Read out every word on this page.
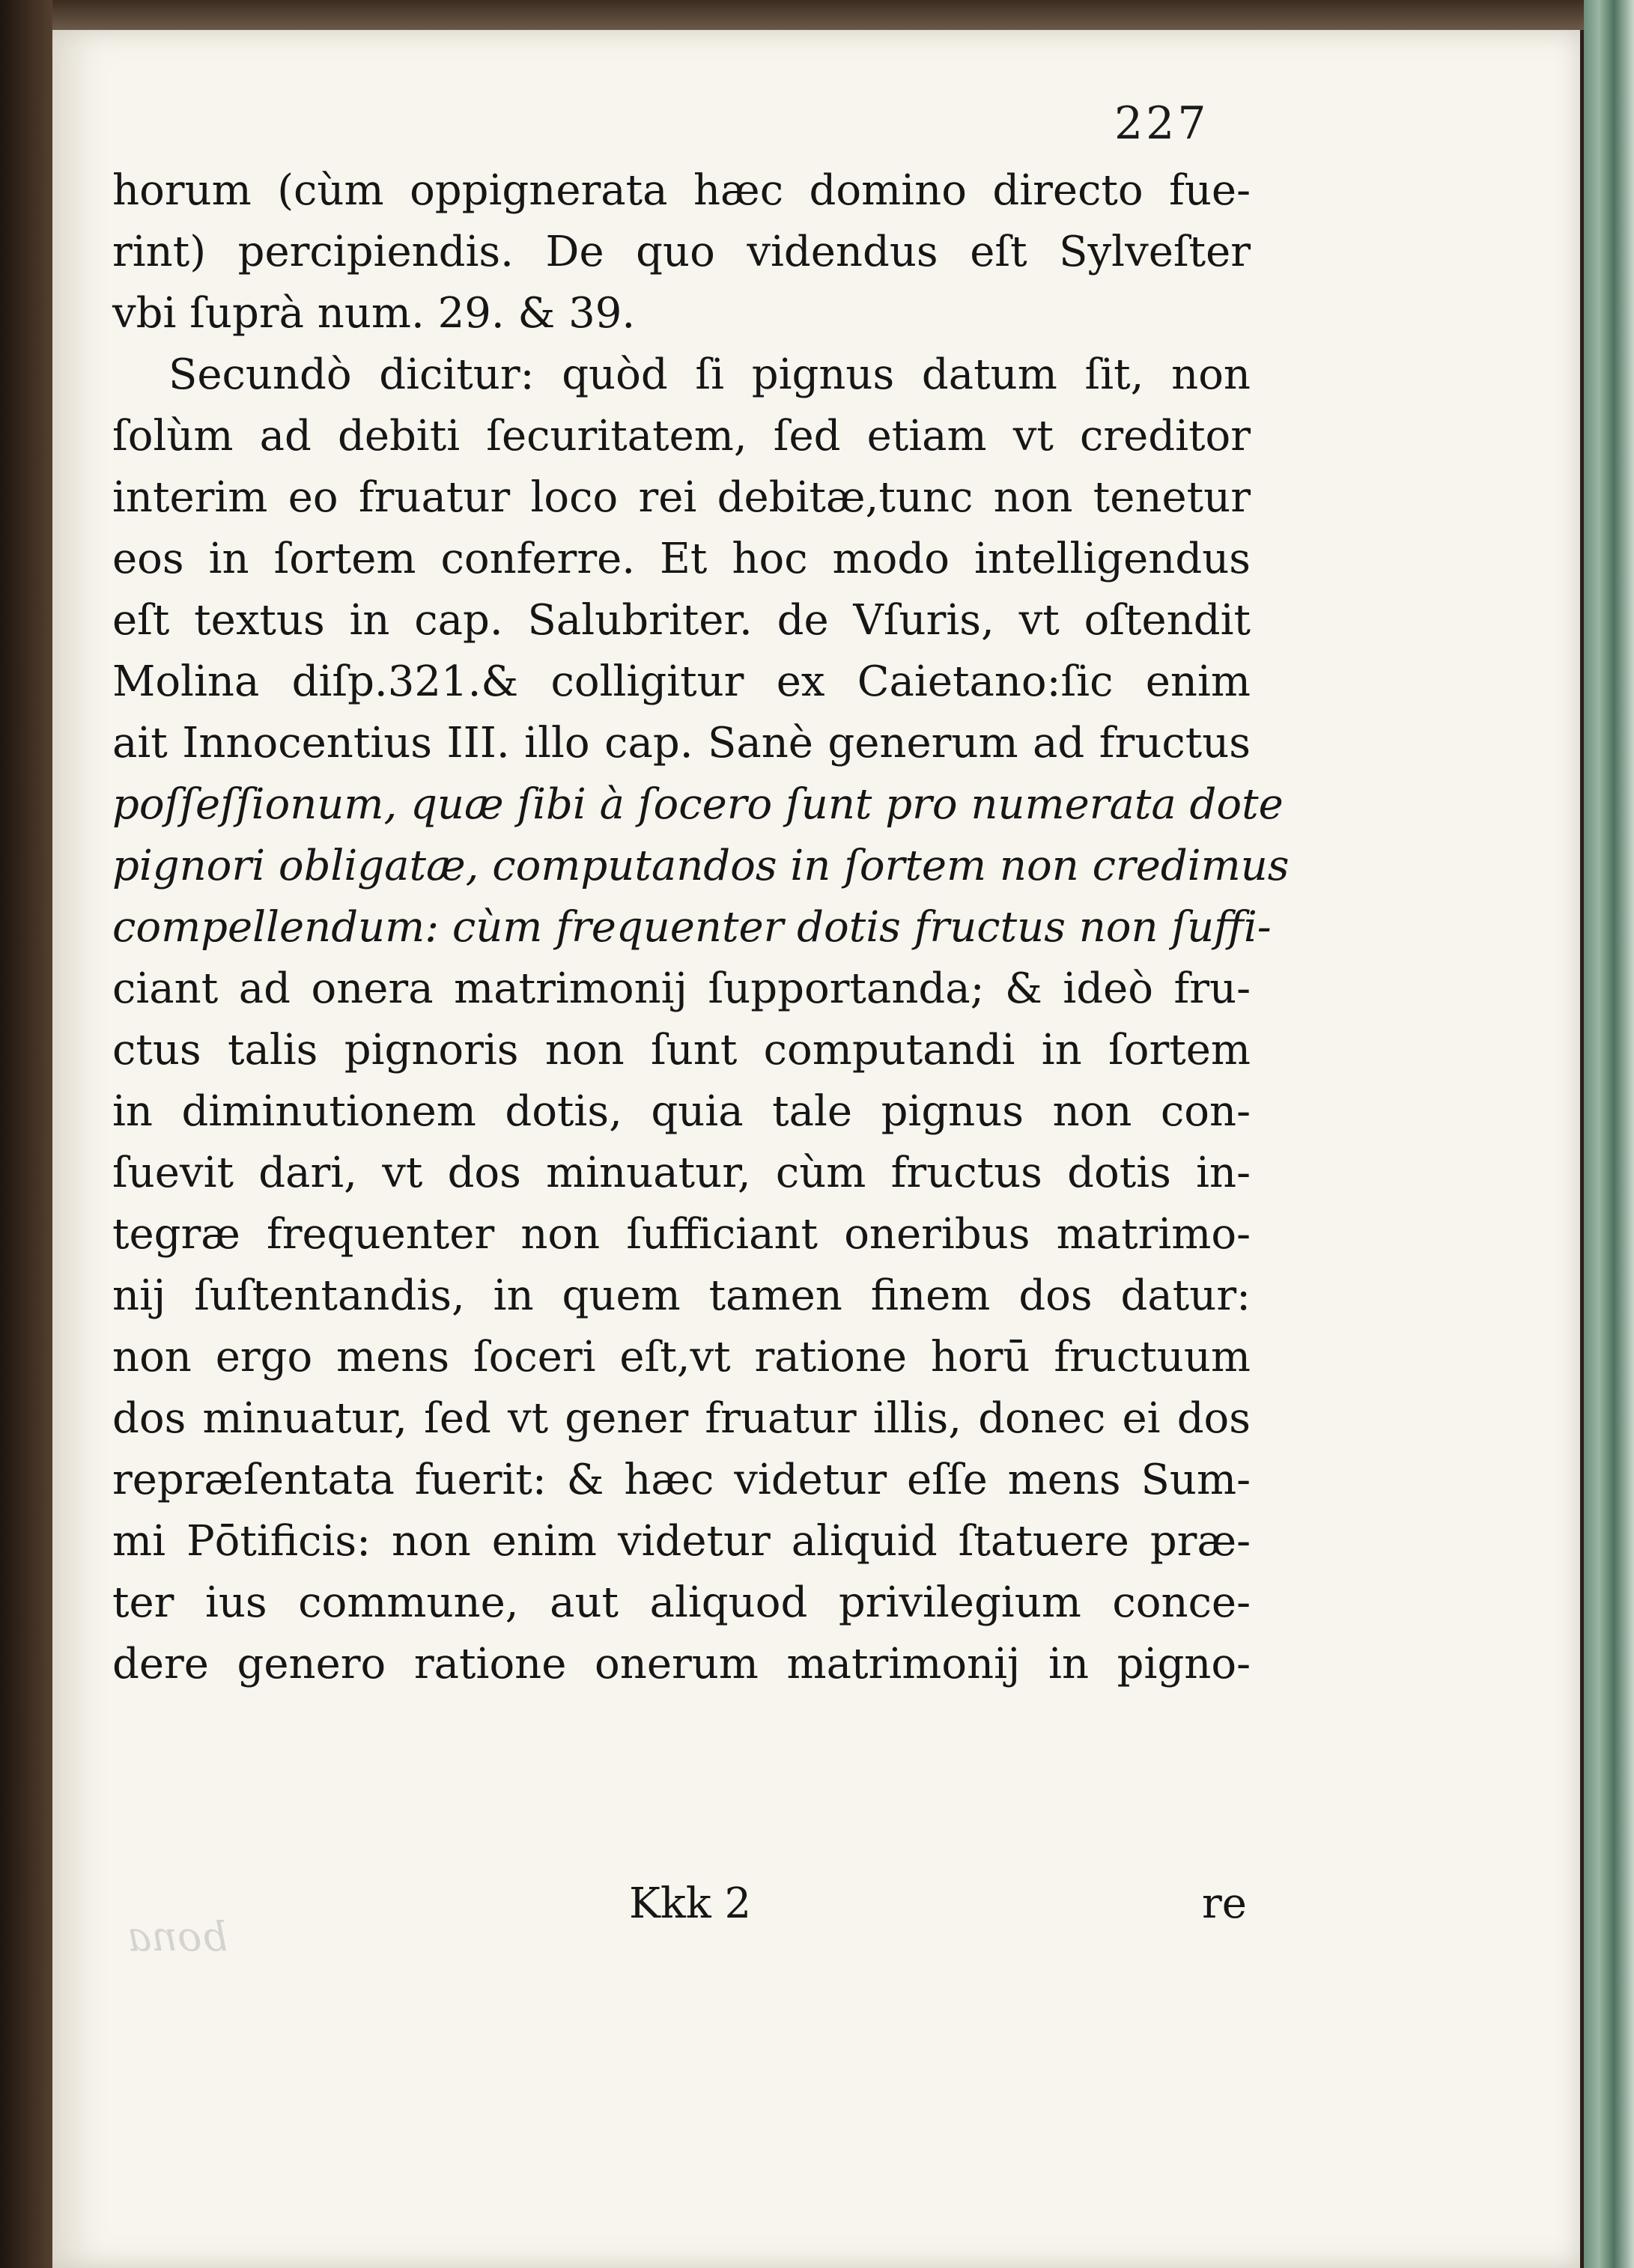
227
horum (cùm oppignerata hæc domino directo fue-
rint) percipiendis. De quo videndus eſt Sylveſter
vbi ſuprà num. 29. & 39.
Secundò dicitur: quòd ſi pignus datum ſit, non
ſolùm ad debiti ſecuritatem, ſed etiam vt creditor
interim eo fruatur loco rei debitæ,tunc non tenetur
eos in ſortem conferre. Et hoc modo intelligendus
eſt textus in cap. Salubriter. de Vſuris, vt oſtendit
Molina diſp.321.& colligitur ex Caietano:ſic enim
ait Innocentius III. illo cap. Sanè generum ad fructus
poſſeſſionum, quæ ſibi à ſocero ſunt pro numerata dote
pignori obligatæ, computandos in ſortem non credimus
compellendum: cùm frequenter dotis fructus non ſuffi-
ciant ad onera matrimonij ſupportanda; & ideò fru-
ctus talis pignoris non ſunt computandi in ſortem
in diminutionem dotis, quia tale pignus non con-
ſuevit dari, vt dos minuatur, cùm fructus dotis in-
tegræ frequenter non ſufficiant oneribus matrimo-
nij ſuſtentandis, in quem tamen finem dos datur:
non ergo mens ſoceri eſt,vt ratione horū fructuum
dos minuatur, ſed vt gener fruatur illis, donec ei dos
repræſentata fuerit: & hæc videtur eſſe mens Sum-
mi Pōtificis: non enim videtur aliquid ſtatuere præ-
ter ius commune, aut aliquod privilegium conce-
dere genero ratione onerum matrimonij in pigno-
Kkk 2	re
bona
